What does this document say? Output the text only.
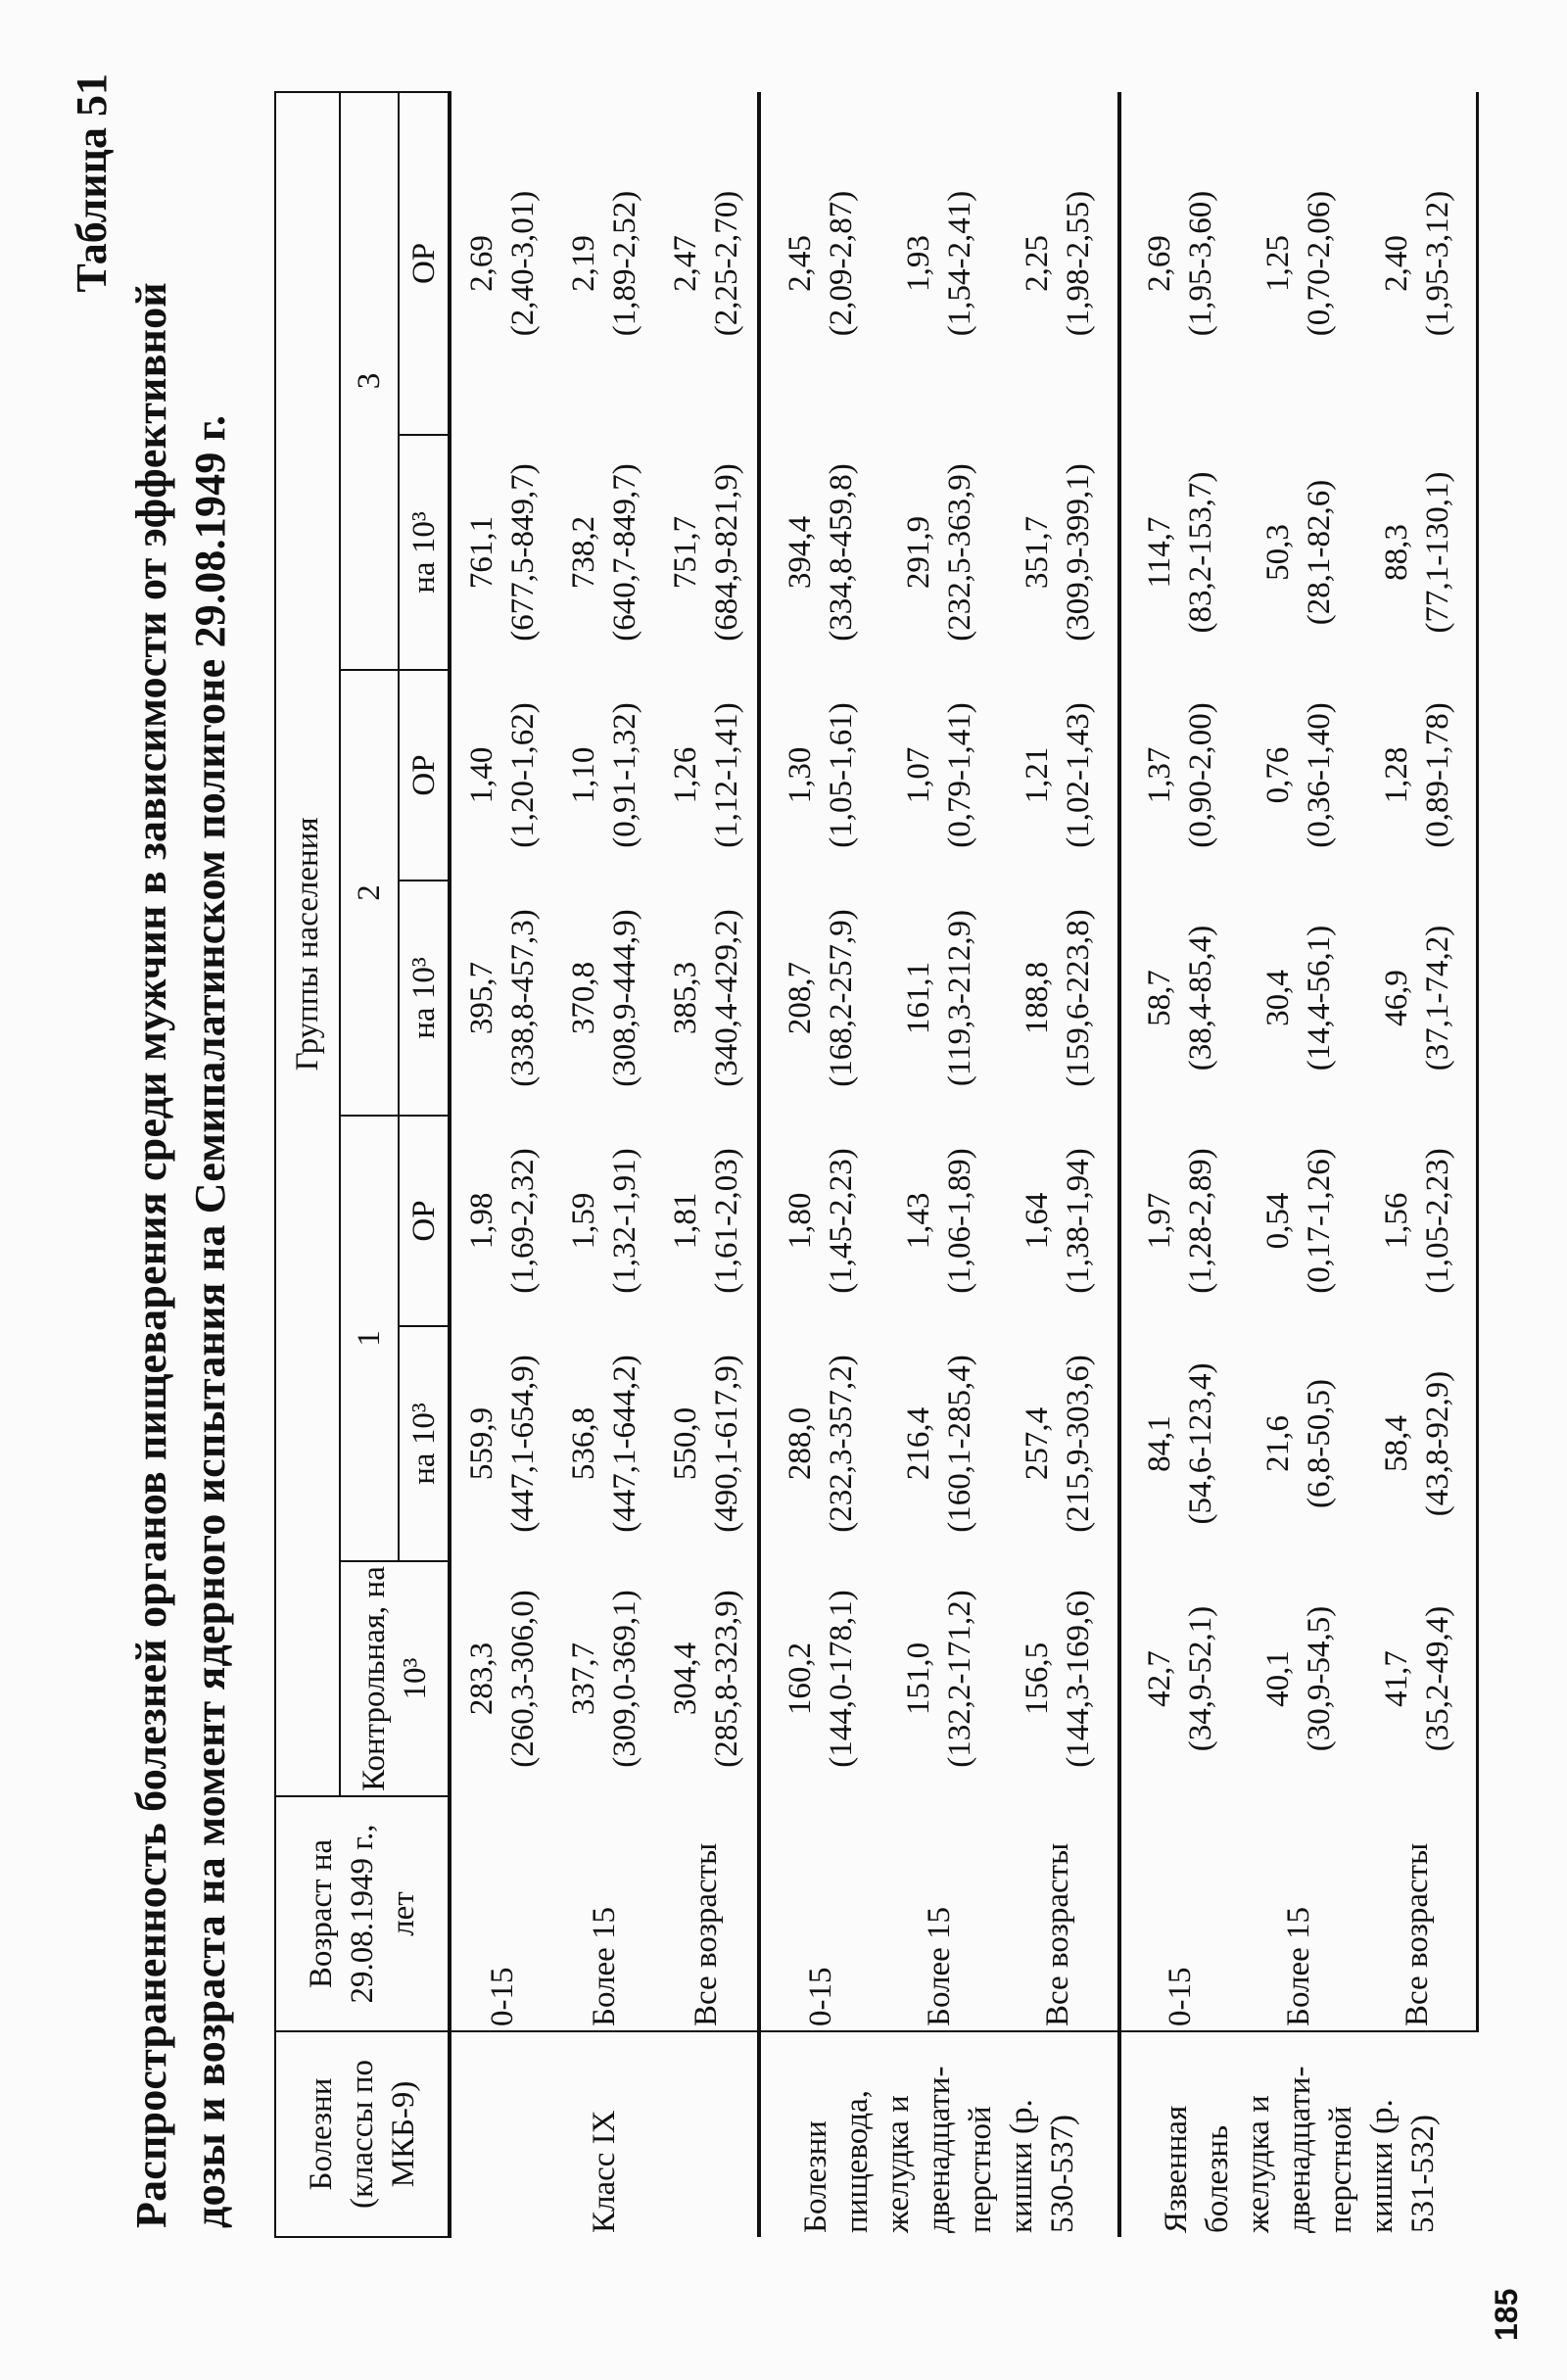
Таблица 51
Распространенность болезней органов пищеварения среди мужчин в зависимости от эффективной дозы и возраста на момент ядерного испытания на Семипалатинском полигоне 29.08.1949 г. Болезни (классы по МКБ-9)	Возраст на 29.08.1949 г., лет	Группы населения						
		Контрольная, на 10³	1		2		3	
			на 10³	ОР	на 10³	ОР	на 10³	ОР
Класс IX	0-15	283,3 (260,3-306,0)	559,9 (447,1-654,9)	1,98 (1,69-2,32)	395,7 (338,8-457,3)	1,40 (1,20-1,62)	761,1 (677,5-849,7)	2,69 (2,40-3,01)

	Более 15	337,7 (309,0-369,1)	536,8 (447,1-644,2)	1,59 (1,32-1,91)	370,8 (308,9-444,9)	1,10 (0,91-1,32)	738,2 (640,7-849,7)	2,19 (1,89-2,52)

	Все возрасты	304,4 (285,8-323,9)	550,0 (490,1-617,9)	1,81 (1,61-2,03)	385,3 (340,4-429,2)	1,26 (1,12-1,41)	751,7 (684,9-821,9)	2,47 (2,25-2,70)

Болезни пищевода, желудка и двенадцати-перстной кишки (р. 530-537)	0-15	160,2 (144,0-178,1)	288,0 (232,3-357,2)	1,80 (1,45-2,23)	208,7 (168,2-257,9)	1,30 (1,05-1,61)	394,4 (334,8-459,8)	2,45 (2,09-2,87)

	Более 15	151,0 (132,2-171,2)	216,4 (160,1-285,4)	1,43 (1,06-1,89)	161,1 (119,3-212,9)	1,07 (0,79-1,41)	291,9 (232,5-363,9)	1,93 (1,54-2,41)

	Все возрасты	156,5 (144,3-169,6)	257,4 (215,9-303,6)	1,64 (1,38-1,94)	188,8 (159,6-223,8)	1,21 (1,02-1,43)	351,7 (309,9-399,1)	2,25 (1,98-2,55)

Язвенная болезнь желудка и двенадцати-перстной кишки (р. 531-532)	0-15	42,7 (34,9-52,1)	84,1 (54,6-123,4)	1,97 (1,28-2,89)	58,7 (38,4-85,4)	1,37 (0,90-2,00)	114,7 (83,2-153,7)	2,69 (1,95-3,60)

	Более 15	40,1 (30,9-54,5)	21,6 (6,8-50,5)	0,54 (0,17-1,26)	30,4 (14,4-56,1)	0,76 (0,36-1,40)	50,3 (28,1-82,6)	1,25 (0,70-2,06)

	Все возрасты	41,7 (35,2-49,4)	58,4 (43,8-92,9)	1,56 (1,05-2,23)	46,9 (37,1-74,2)	1,28 (0,89-1,78)	88,3 (77,1-130,1)	2,40 (1,95-3,12)
185
